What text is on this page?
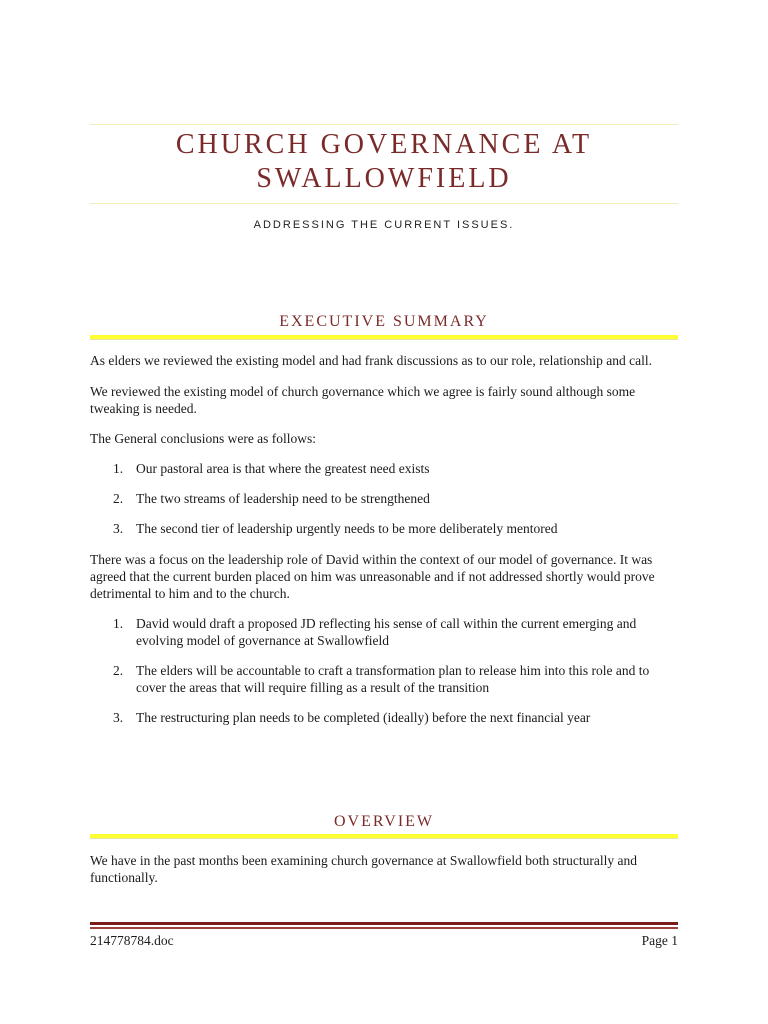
CHURCH GOVERNANCE AT SWALLOWFIELD
ADDRESSING THE CURRENT ISSUES.
EXECUTIVE SUMMARY

As elders we reviewed the existing model and had frank discussions as to our role, relationship and call.

We reviewed the existing model of church governance which we agree is fairly sound although some tweaking is needed.

The General conclusions were as follows:

1. Our pastoral area is that where the greatest need exists
2. The two streams of leadership need to be strengthened
3. The second tier of leadership urgently needs to be more deliberately mentored

There was a focus on the leadership role of David within the context of our model of governance. It was agreed that the current burden placed on him was unreasonable and if not addressed shortly would prove detrimental to him and to the church.

1. David would draft a proposed JD reflecting his sense of call within the current emerging and evolving model of governance at Swallowfield
2. The elders will be accountable to craft a transformation plan to release him into this role and to cover the areas that will require filling as a result of the transition
3. The restructuring plan needs to be completed (ideally) before the next financial year
OVERVIEW

We have in the past months been examining church governance at Swallowfield both structurally and functionally.

214778784.doc	Page 1
